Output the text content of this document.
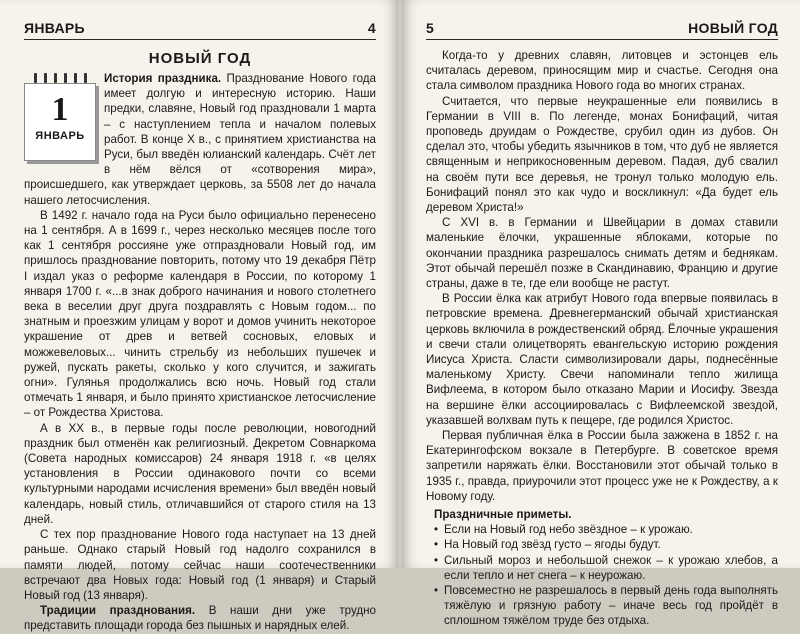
ЯНВАРЬ	4
НОВЫЙ ГОД
1
ЯНВАРЬ

История праздника. Празднование Нового года имеет долгую и интересную историю. Наши предки, славяне, Новый год праздновали 1 марта – с наступлением тепла и началом полевых работ. В конце X в., с принятием христианства на Руси, был введён юлианский календарь. Счёт лет в нём вёлся от «сотворения мира», происшедшего, как утверждает церковь, за 5508 лет до начала нашего летосчисления.

В 1492 г. начало года на Руси было официально перенесено на 1 сентября. А в 1699 г., через несколько месяцев после того как 1 сентября россияне уже отпраздновали Новый год, им пришлось празднование повторить, потому что 19 декабря Пётр I издал указ о реформе календаря в России, по которому 1 января 1700 г. «...в знак доброго начинания и нового столетнего века в веселии друг друга поздравлять с Новым годом... по знатным и проезжим улицам у ворот и домов учинить некоторое украшение от древ и ветвей сосновых, еловых и можжевеловых... чинить стрельбу из небольших пушечек и ружей, пускать ракеты, сколько у кого случится, и зажигать огни». Гулянья продолжались всю ночь. Новый год стали отмечать 1 января, и было принято христианское летосчисление – от Рождества Христова.

А в XX в., в первые годы после революции, новогодний праздник был отменён как религиозный. Декретом Совнаркома (Совета народных комиссаров) 24 января 1918 г. «в целях установления в России одинакового почти со всеми культурными народами исчисления времени» был введён новый календарь, новый стиль, отличавшийся от старого стиля на 13 дней.

С тех пор празднование Нового года наступает на 13 дней раньше. Однако старый Новый год надолго сохранился в памяти людей, потому сейчас наши соотечественники встречают два Новых года: Новый год (1 января) и Старый Новый год (13 января).

Традиции празднования. В наши дни уже трудно представить площади города без пышных и нарядных елей.

5	НОВЫЙ ГОД

Когда-то у древних славян, литовцев и эстонцев ель считалась деревом, приносящим мир и счастье. Сегодня она стала символом праздника Нового года во многих странах.

Считается, что первые неукрашенные ели появились в Германии в VIII в. По легенде, монах Бонифаций, читая проповедь друидам о Рождестве, срубил один из дубов. Он сделал это, чтобы убедить язычников в том, что дуб не является священным и неприкосновенным деревом. Падая, дуб свалил на своём пути все деревья, не тронул только молодую ель. Бонифаций понял это как чудо и воскликнул: «Да будет ель деревом Христа!»

С XVI в. в Германии и Швейцарии в домах ставили маленькие ёлочки, украшенные яблоками, которые по окончании праздника разрешалось снимать детям и беднякам. Этот обычай перешёл позже в Скандинавию, Францию и другие страны, даже в те, где ели вообще не растут.

В России ёлка как атрибут Нового года впервые появилась в петровские времена. Древнегерманский обычай христианская церковь включила в рождественский обряд. Ёлочные украшения и свечи стали олицетворять евангельскую историю рождения Иисуса Христа. Сласти символизировали дары, поднесённые маленькому Христу. Свечи напоминали тепло жилища Вифлеема, в котором было отказано Марии и Иосифу. Звезда на вершине ёлки ассоциировалась с Вифлеемской звездой, указавшей волхвам путь к пещере, где родился Христос.

Первая публичная ёлка в России была зажжена в 1852 г. на Екатерингофском вокзале в Петербурге. В советское время запретили наряжать ёлки. Восстановили этот обычай только в 1935 г., правда, приурочили этот процесс уже не к Рождеству, а к Новому году.

Праздничные приметы.
• Если на Новый год небо звёздное – к урожаю.
• На Новый год звёзд густо – ягоды будут.
• Сильный мороз и небольшой снежок – к урожаю хлебов, а если тепло и нет снега – к неурожаю.
• Повсеместно не разрешалось в первый день года выполнять тяжёлую и грязную работу – иначе весь год пройдёт в сплошном тяжёлом труде без отдыха.
